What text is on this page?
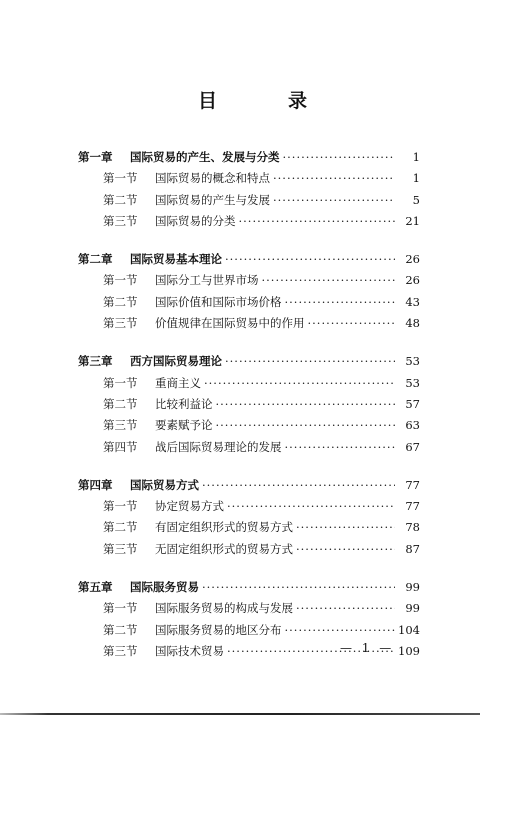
目　录
第一章	国际贸易的产生、发展与分类 ·····	1
第一节	国际贸易的概念和特点 ·····	1
第二节	国际贸易的产生与发展 ·····	5
第三节	国际贸易的分类 ·····	21
第二章	国际贸易基本理论 ·····	26
第一节	国际分工与世界市场 ·····	26
第二节	国际价值和国际市场价格 ·····	43
第三节	价值规律在国际贸易中的作用 ·····	48
第三章	西方国际贸易理论 ·····	53
第一节	重商主义 ·····	53
第二节	比较利益论 ·····	57
第三节	要素赋予论 ·····	63
第四节	战后国际贸易理论的发展 ·····	67
第四章	国际贸易方式 ·····	77
第一节	协定贸易方式 ·····	77
第二节	有固定组织形式的贸易方式 ·····	78
第三节	无固定组织形式的贸易方式 ·····	87
第五章	国际服务贸易 ·····	99
第一节	国际服务贸易的构成与发展 ·····	99
第二节	国际服务贸易的地区分布 ·····	104
第三节	国际技术贸易 ·····	109
— 1 —
